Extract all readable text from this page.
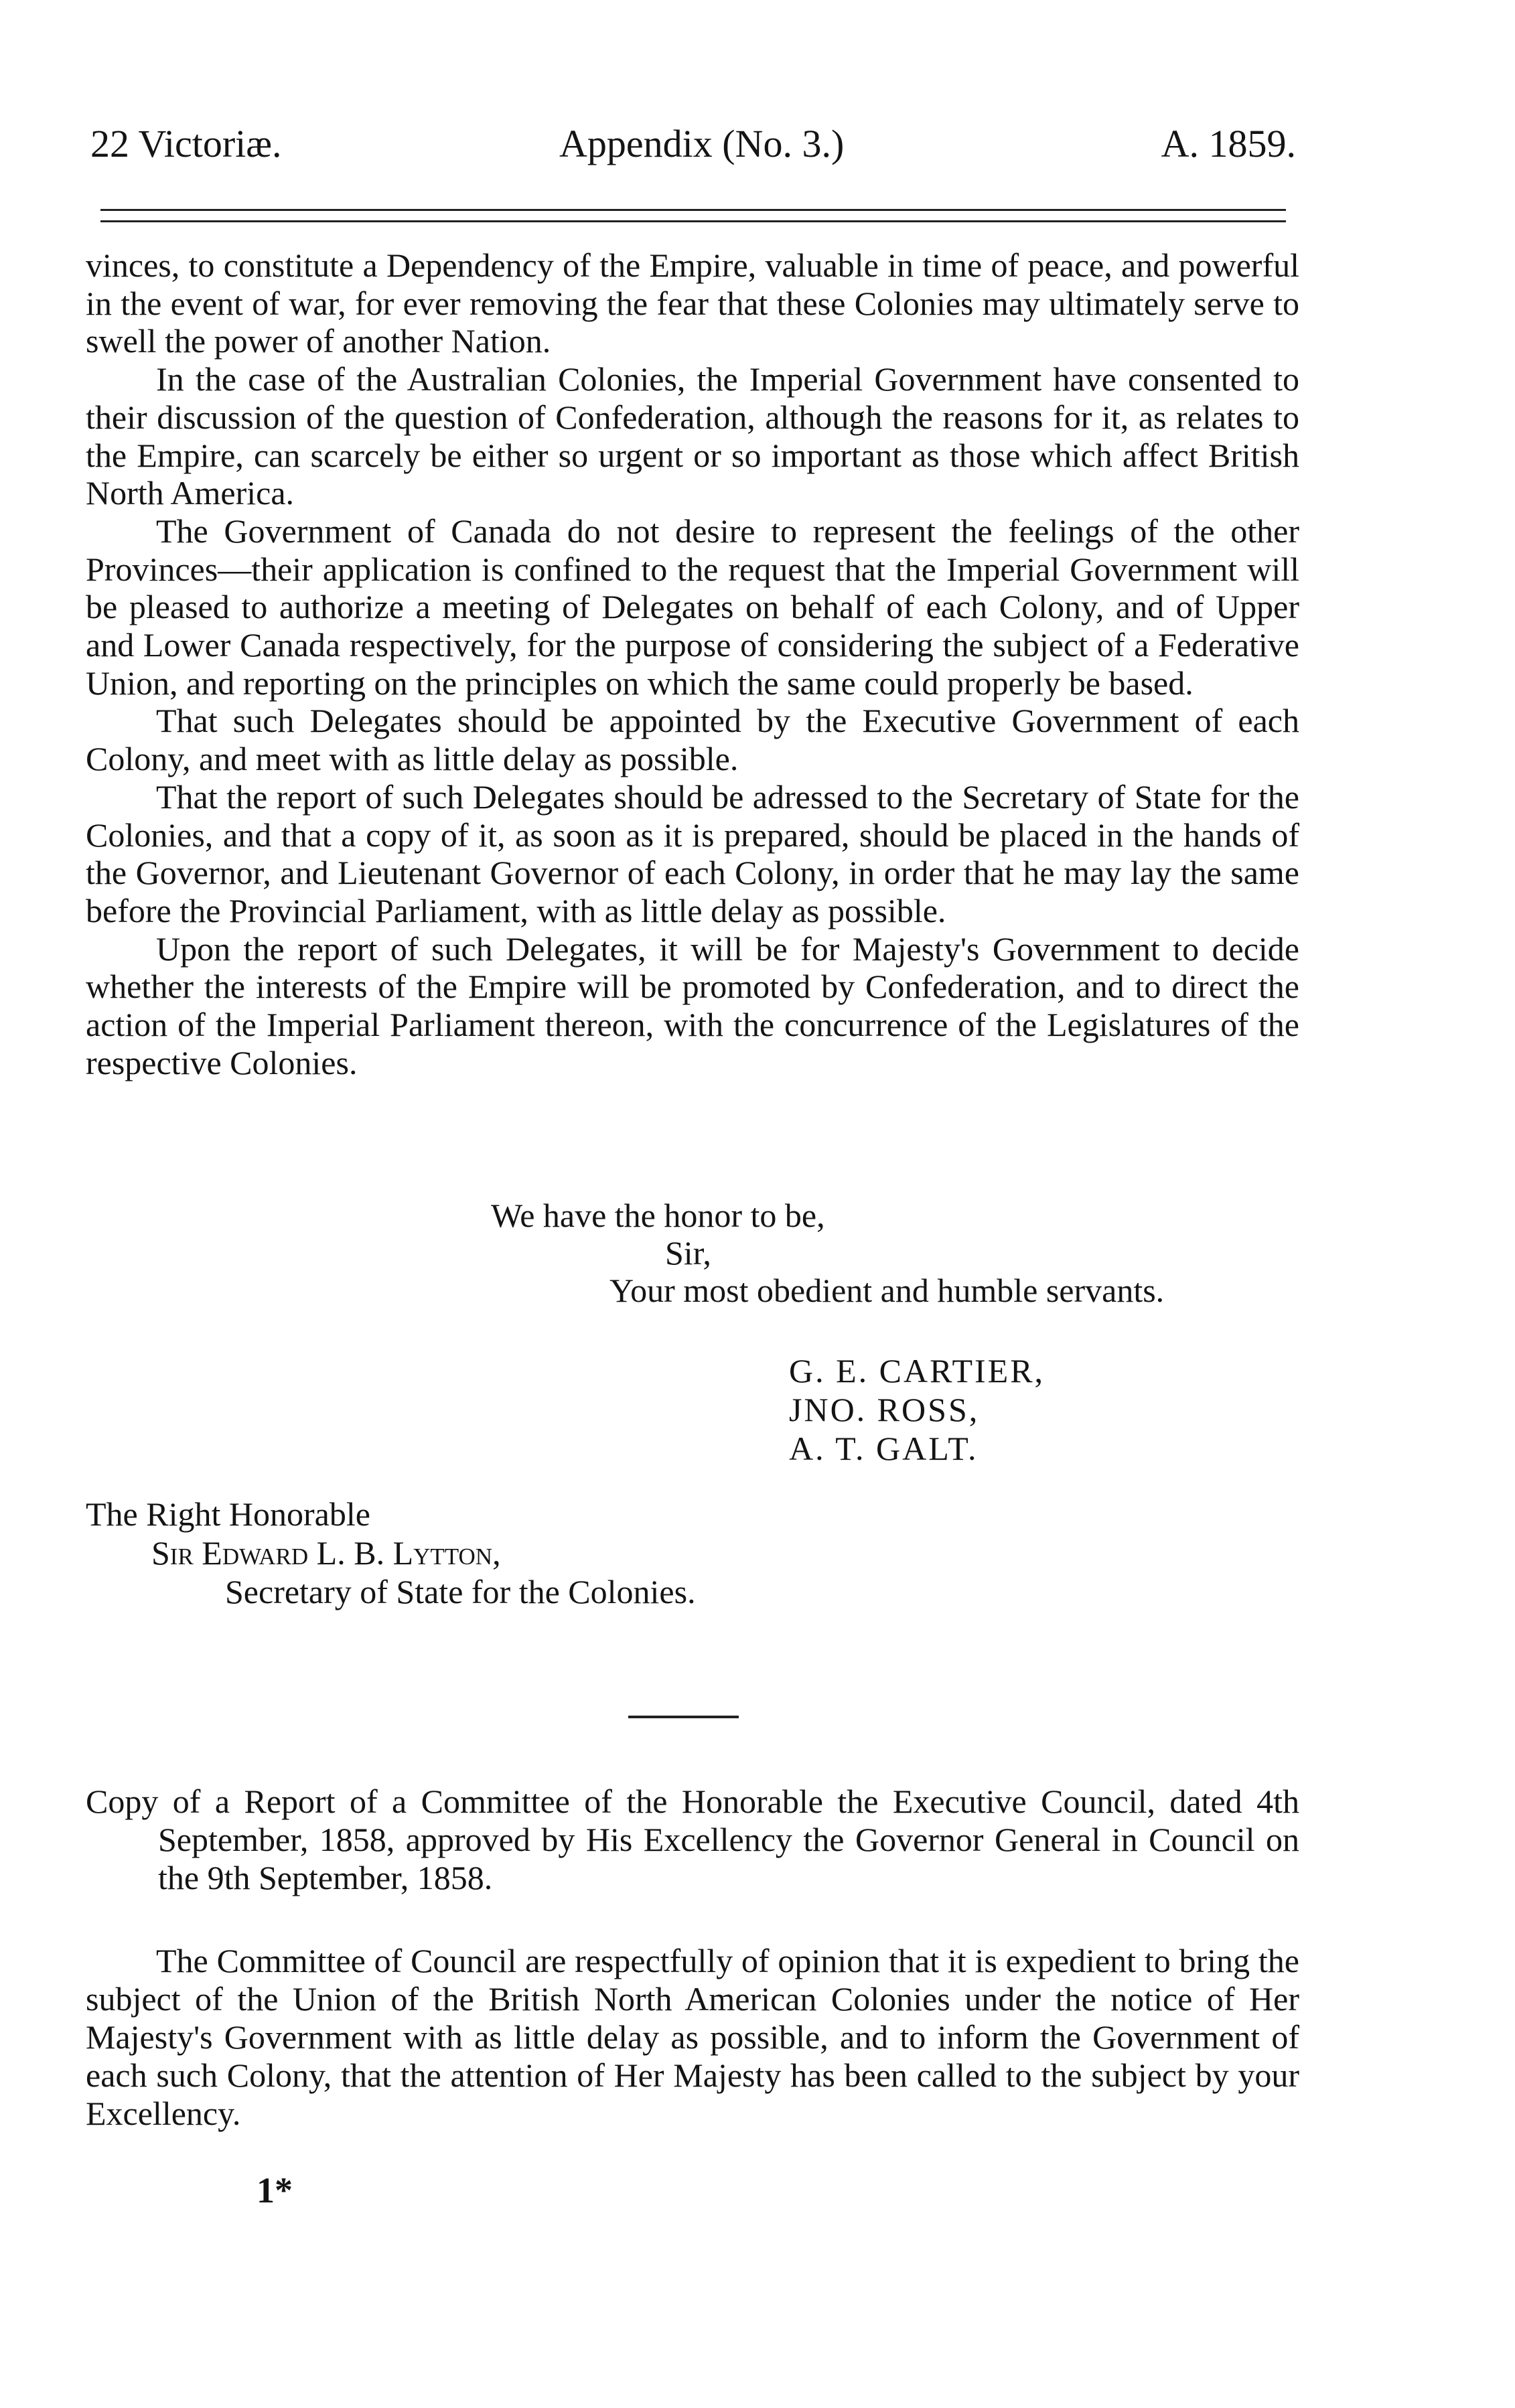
22 Victoriæ.	Appendix (No. 3.)	A. 1859.

vinces, to constitute a Dependency of the Empire, valuable in time of peace, and powerful in the event of war, for ever removing the fear that these Colonies may ultimately serve to swell the power of another Nation.

In the case of the Australian Colonies, the Imperial Government have consented to their discussion of the question of Confederation, although the reasons for it, as relates to the Empire, can scarcely be either so urgent or so important as those which affect British North America.

The Government of Canada do not desire to represent the feelings of the other Provinces—their application is confined to the request that the Imperial Government will be pleased to authorize a meeting of Delegates on behalf of each Colony, and of Upper and Lower Canada respectively, for the purpose of considering the subject of a Federative Union, and reporting on the principles on which the same could properly be based.

That such Delegates should be appointed by the Executive Government of each Colony, and meet with as little delay as possible.

That the report of such Delegates should be adressed to the Secretary of State for the Colonies, and that a copy of it, as soon as it is prepared, should be placed in the hands of the Governor, and Lieutenant Governor of each Colony, in order that he may lay the same before the Provincial Parliament, with as little delay as possible.

Upon the report of such Delegates, it will be for Majesty's Government to decide whether the interests of the Empire will be promoted by Confederation, and to direct the action of the Imperial Parliament thereon, with the concurrence of the Legislatures of the respective Colonies.

We have the honor to be,
Sir,
Your most obedient and humble servants.
G. E. CARTIER,
JNO. ROSS,
A. T. GALT.
The Right Honorable
Sir Edward L. B. Lytton,
Secretary of State for the Colonies.
Copy of a Report of a Committee of the Honorable the Executive Council, dated 4th September, 1858, approved by His Excellency the Governor General in Council on the 9th September, 1858.
The Committee of Council are respectfully of opinion that it is expedient to bring the subject of the Union of the British North American Colonies under the notice of Her Majesty's Government with as little delay as possible, and to inform the Government of each such Colony, that the attention of Her Majesty has been called to the subject by your Excellency.
1*
